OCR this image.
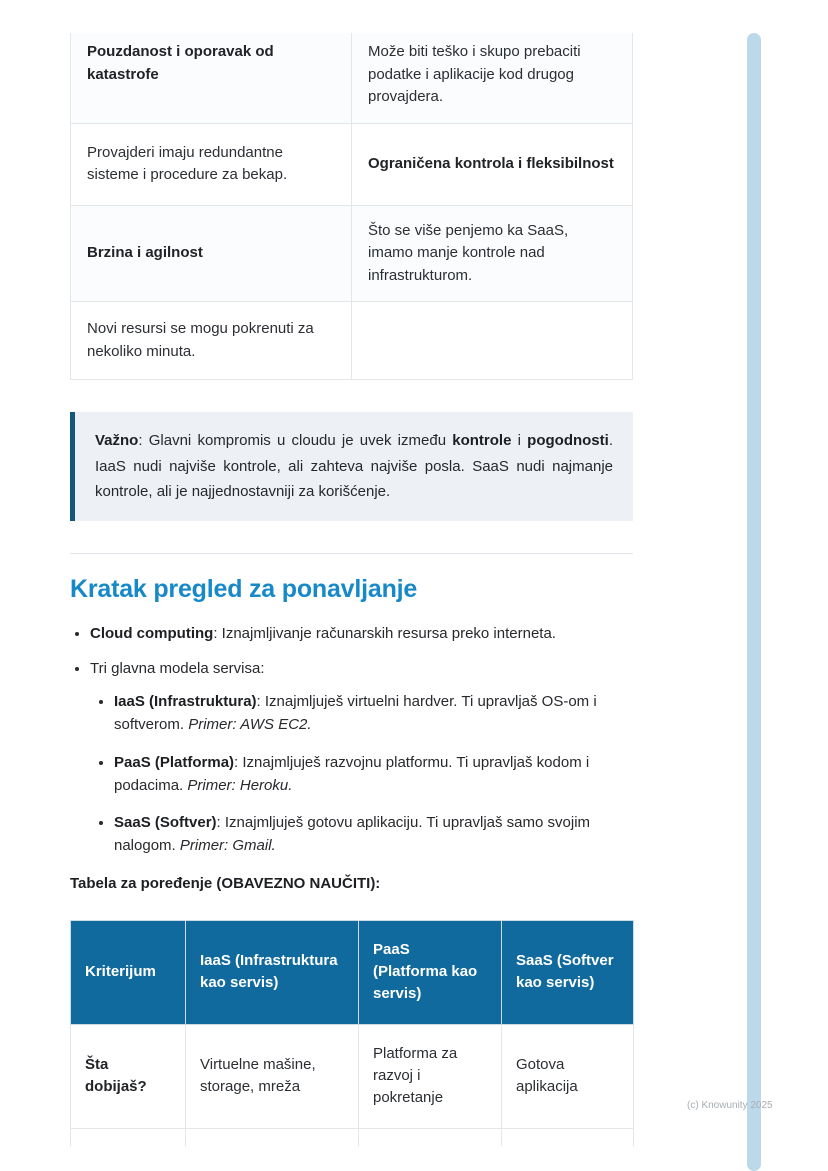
Pouzdanost i oporavak od katastrofe	Može biti teško i skupo prebaciti podatke i aplikacije kod drugog provajdera.
Provajderi imaju redundantne sisteme i procedure za bekap.	Ograničena kontrola i fleksibilnost
Brzina i agilnost	Što se više penjemo ka SaaS, imamo manje kontrole nad infrastrukturom.
Novi resursi se mogu pokrenuti za nekoliko minuta.	

Važno: Glavni kompromis u cloudu je uvek između kontrole i pogodnosti. IaaS nudi najviše kontrole, ali zahteva najviše posla. SaaS nudi najmanje kontrole, ali je najjednostavniji za korišćenje.

Kratak pregled za ponavljanje
• Cloud computing: Iznajmljivanje računarskih resursa preko interneta.
• Tri glavna modela servisa:
• IaaS (Infrastruktura): Iznajmljuješ virtuelni hardver. Ti upravljaš OS-om i softverom. Primer: AWS EC2.
• PaaS (Platforma): Iznajmljuješ razvojnu platformu. Ti upravljaš kodom i podacima. Primer: Heroku.
• SaaS (Softver): Iznajmljuješ gotovu aplikaciju. Ti upravljaš samo svojim nalogom. Primer: Gmail.

Tabela za poređenje (OBAVEZNO NAUČITI):

Kriterijum	IaaS (Infrastruktura kao servis)	PaaS (Platforma kao servis)	SaaS (Softver kao servis)
Šta dobijaš?	Virtuelne mašine, storage, mreža	Platforma za razvoj i pokretanje	Gotova aplikacija

(c) Knowunity 2025
